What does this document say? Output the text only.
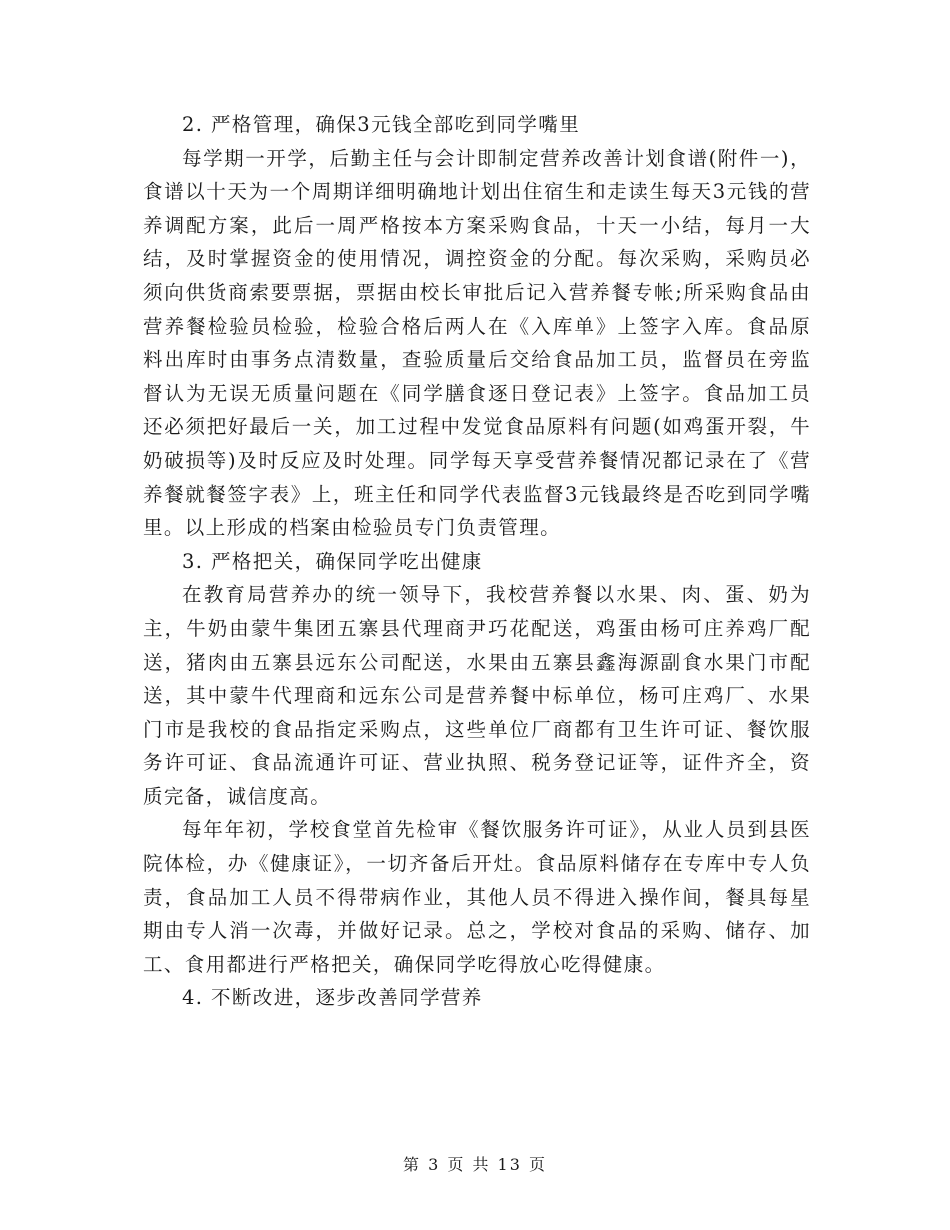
2. 严格管理，确保3元钱全部吃到同学嘴里

每学期一开学，后勤主任与会计即制定营养改善计划食谱(附件一)，食谱以十天为一个周期详细明确地计划出住宿生和走读生每天3元钱的营养调配方案，此后一周严格按本方案采购食品，十天一小结，每月一大结，及时掌握资金的使用情况，调控资金的分配。每次采购，采购员必须向供货商索要票据，票据由校长审批后记入营养餐专帐;所采购食品由营养餐检验员检验，检验合格后两人在《入库单》上签字入库。食品原料出库时由事务点清数量，查验质量后交给食品加工员，监督员在旁监督认为无误无质量问题在《同学膳食逐日登记表》上签字。食品加工员还必须把好最后一关，加工过程中发觉食品原料有问题(如鸡蛋开裂，牛奶破损等)及时反应及时处理。同学每天享受营养餐情况都记录在了《营养餐就餐签字表》上，班主任和同学代表监督3元钱最终是否吃到同学嘴里。以上形成的档案由检验员专门负责管理。

3. 严格把关，确保同学吃出健康

在教育局营养办的统一领导下，我校营养餐以水果、肉、蛋、奶为主，牛奶由蒙牛集团五寨县代理商尹巧花配送，鸡蛋由杨可庄养鸡厂配送，猪肉由五寨县远东公司配送，水果由五寨县鑫海源副食水果门市配送，其中蒙牛代理商和远东公司是营养餐中标单位，杨可庄鸡厂、水果门市是我校的食品指定采购点，这些单位厂商都有卫生许可证、餐饮服务许可证、食品流通许可证、营业执照、税务登记证等，证件齐全，资质完备，诚信度高。

每年年初，学校食堂首先检审《餐饮服务许可证》，从业人员到县医院体检，办《健康证》，一切齐备后开灶。食品原料储存在专库中专人负责，食品加工人员不得带病作业，其他人员不得进入操作间，餐具每星期由专人消一次毒，并做好记录。总之，学校对食品的采购、储存、加工、食用都进行严格把关，确保同学吃得放心吃得健康。

4. 不断改进，逐步改善同学营养

第 3 页 共 13 页
